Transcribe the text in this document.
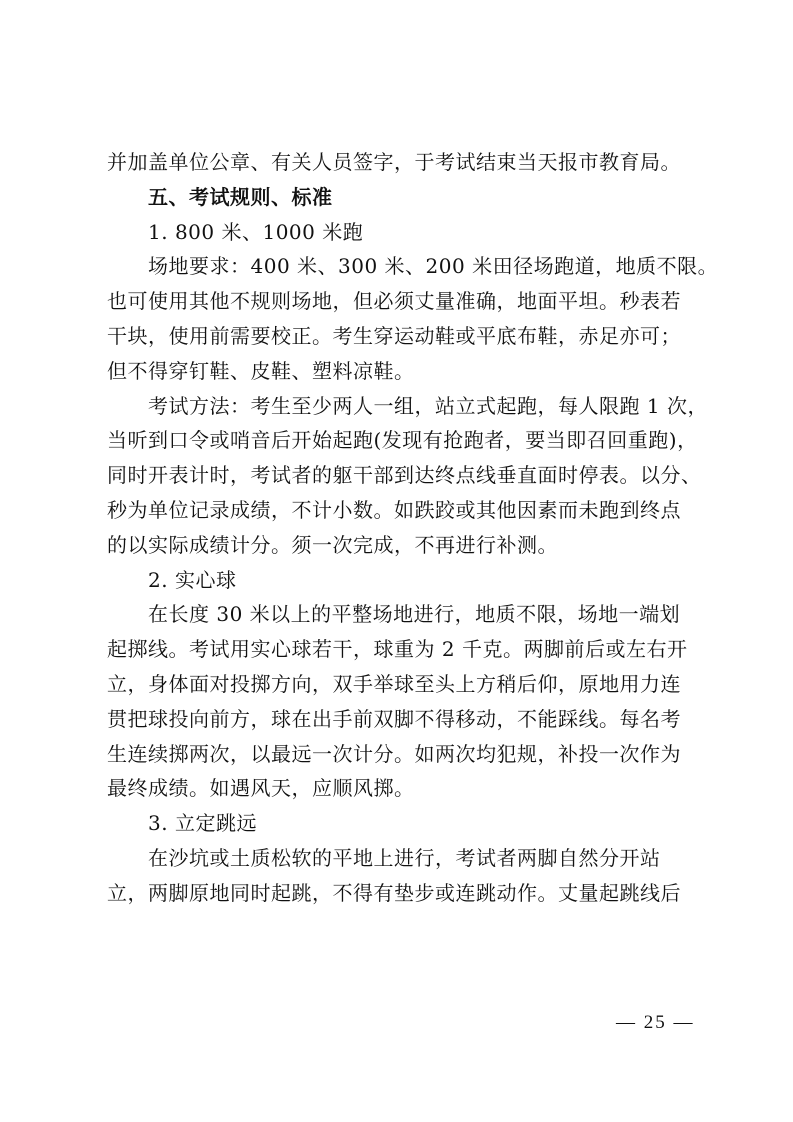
并加盖单位公章、有关人员签字，于考试结束当天报市教育局。
五、考试规则、标准
1. 800 米、1000 米跑
场地要求：400 米、300 米、200 米田径场跑道，地质不限。
也可使用其他不规则场地，但必须丈量准确，地面平坦。秒表若
干块，使用前需要校正。考生穿运动鞋或平底布鞋，赤足亦可；
但不得穿钉鞋、皮鞋、塑料凉鞋。
考试方法：考生至少两人一组，站立式起跑，每人限跑 1 次，
当听到口令或哨音后开始起跑(发现有抢跑者，要当即召回重跑)，
同时开表计时，考试者的躯干部到达终点线垂直面时停表。以分、
秒为单位记录成绩，不计小数。如跌跤或其他因素而未跑到终点
的以实际成绩计分。须一次完成，不再进行补测。
2. 实心球
在长度 30 米以上的平整场地进行，地质不限，场地一端划
起掷线。考试用实心球若干，球重为 2 千克。两脚前后或左右开
立，身体面对投掷方向，双手举球至头上方稍后仰，原地用力连
贯把球投向前方，球在出手前双脚不得移动，不能踩线。每名考
生连续掷两次，以最远一次计分。如两次均犯规，补投一次作为
最终成绩。如遇风天，应顺风掷。
3. 立定跳远
在沙坑或土质松软的平地上进行，考试者两脚自然分开站
立，两脚原地同时起跳，不得有垫步或连跳动作。丈量起跳线后
— 25 —
